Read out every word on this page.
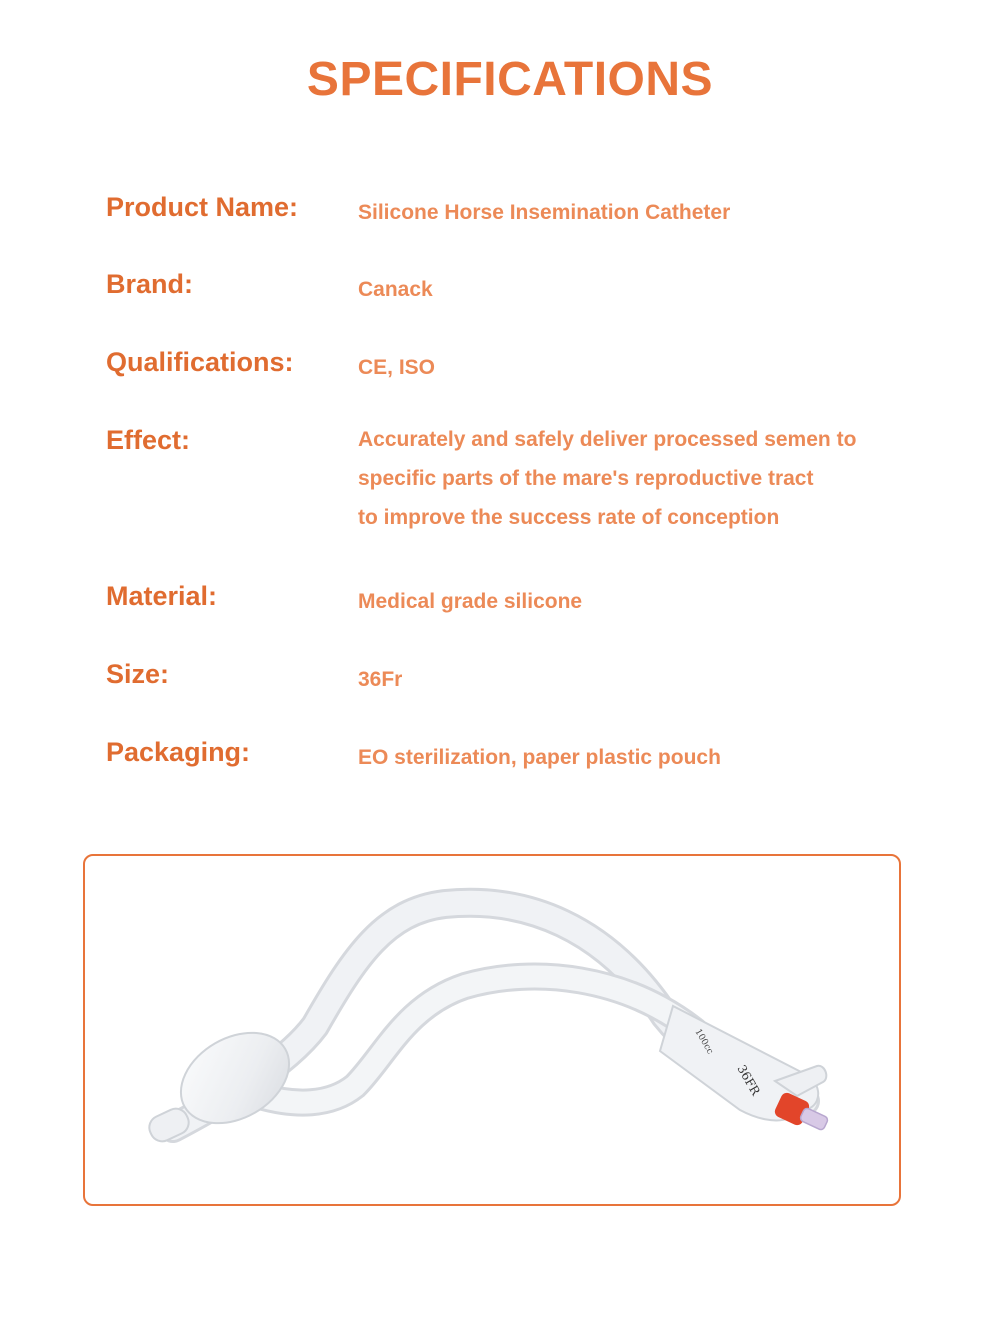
SPECIFICATIONS
Product Name:	Silicone Horse Insemination Catheter
Brand:	Canack
Qualifications:	CE, ISO
Effect:	Accurately and safely deliver processed semen to
specific parts of the mare's reproductive tract
to improve the success rate of conception
Material:	Medical grade silicone
Size:	36Fr
Packaging:	EO sterilization, paper plastic pouch
36FR
100cc
